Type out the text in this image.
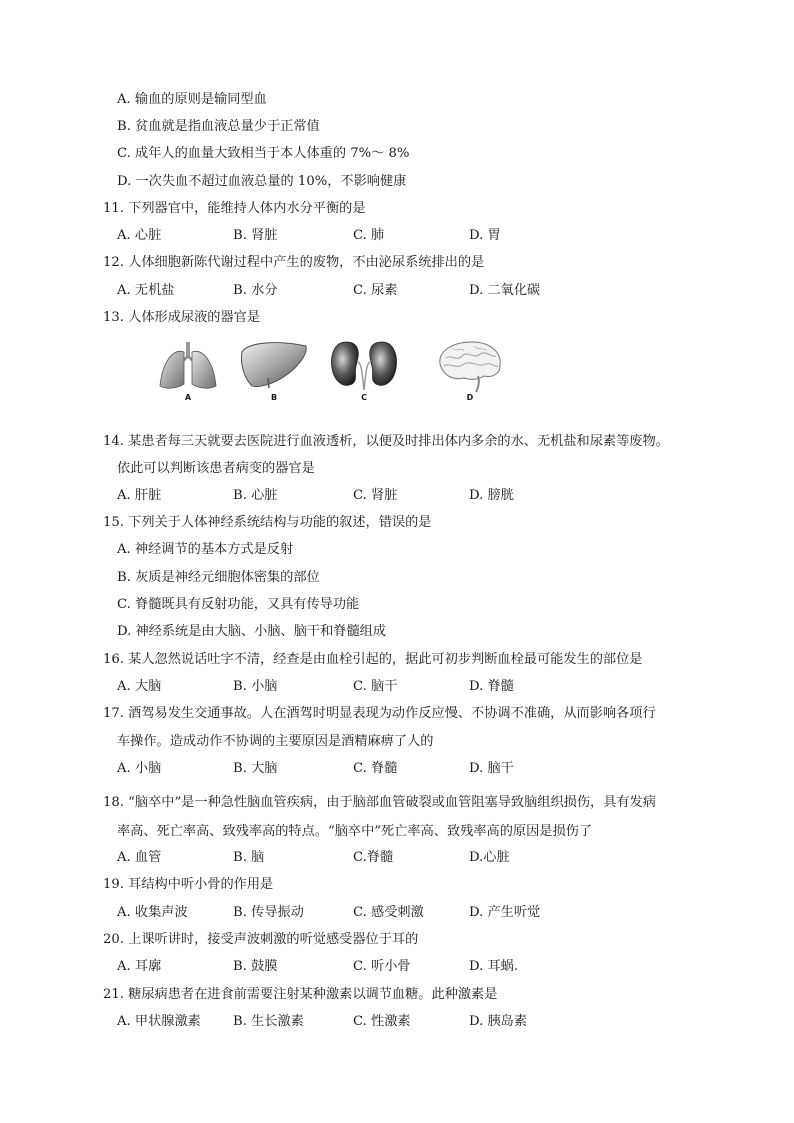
A. 输血的原则是输同型血
B. 贫血就是指血液总量少于正常值
C. 成年人的血量大致相当于本人体重的 7%～ 8%
D. 一次失血不超过血液总量的 10%，不影响健康
11. 下列器官中，能维持人体内水分平衡的是
A. 心脏	B. 肾脏	C. 肺	D. 胃
12. 人体细胞新陈代谢过程中产生的废物，不由泌尿系统排出的是
A. 无机盐	B. 水分	C. 尿素	D. 二氧化碳
13. 人体形成尿液的器官是
A	B	C	D
14. 某患者每三天就要去医院进行血液透析，以便及时排出体内多余的水、无机盐和尿素等废物。
依此可以判断该患者病变的器官是
A. 肝脏	B. 心脏	C. 肾脏	D. 膀胱
15. 下列关于人体神经系统结构与功能的叙述，错误的是
A. 神经调节的基本方式是反射
B. 灰质是神经元细胞体密集的部位
C. 脊髓既具有反射功能，又具有传导功能
D. 神经系统是由大脑、小脑、脑干和脊髓组成
16. 某人忽然说话吐字不清，经查是由血栓引起的，据此可初步判断血栓最可能发生的部位是
A. 大脑	B. 小脑	C. 脑干	D. 脊髓
17. 酒驾易发生交通事故。人在酒驾时明显表现为动作反应慢、不协调不准确，从而影响各项行
车操作。造成动作不协调的主要原因是酒精麻痹了人的
A. 小脑	B. 大脑	C. 脊髓	D. 脑干
18. “脑卒中”是一种急性脑血管疾病，由于脑部血管破裂或血管阻塞导致脑组织损伤，具有发病
率高、死亡率高、致残率高的特点。“脑卒中”死亡率高、致残率高的原因是损伤了
A. 血管	B. 脑	C.脊髓	D.心脏
19. 耳结构中听小骨的作用是
A. 收集声波	B. 传导振动	C. 感受刺激	D. 产生听觉
20. 上课听讲时，接受声波刺激的听觉感受器位于耳的
A. 耳廓	B. 鼓膜	C. 听小骨	D. 耳蜗.
21. 糖尿病患者在进食前需要注射某种激素以调节血糖。此种激素是
A. 甲状腺激素 B. 生长激素	C. 性激素	D. 胰岛素
